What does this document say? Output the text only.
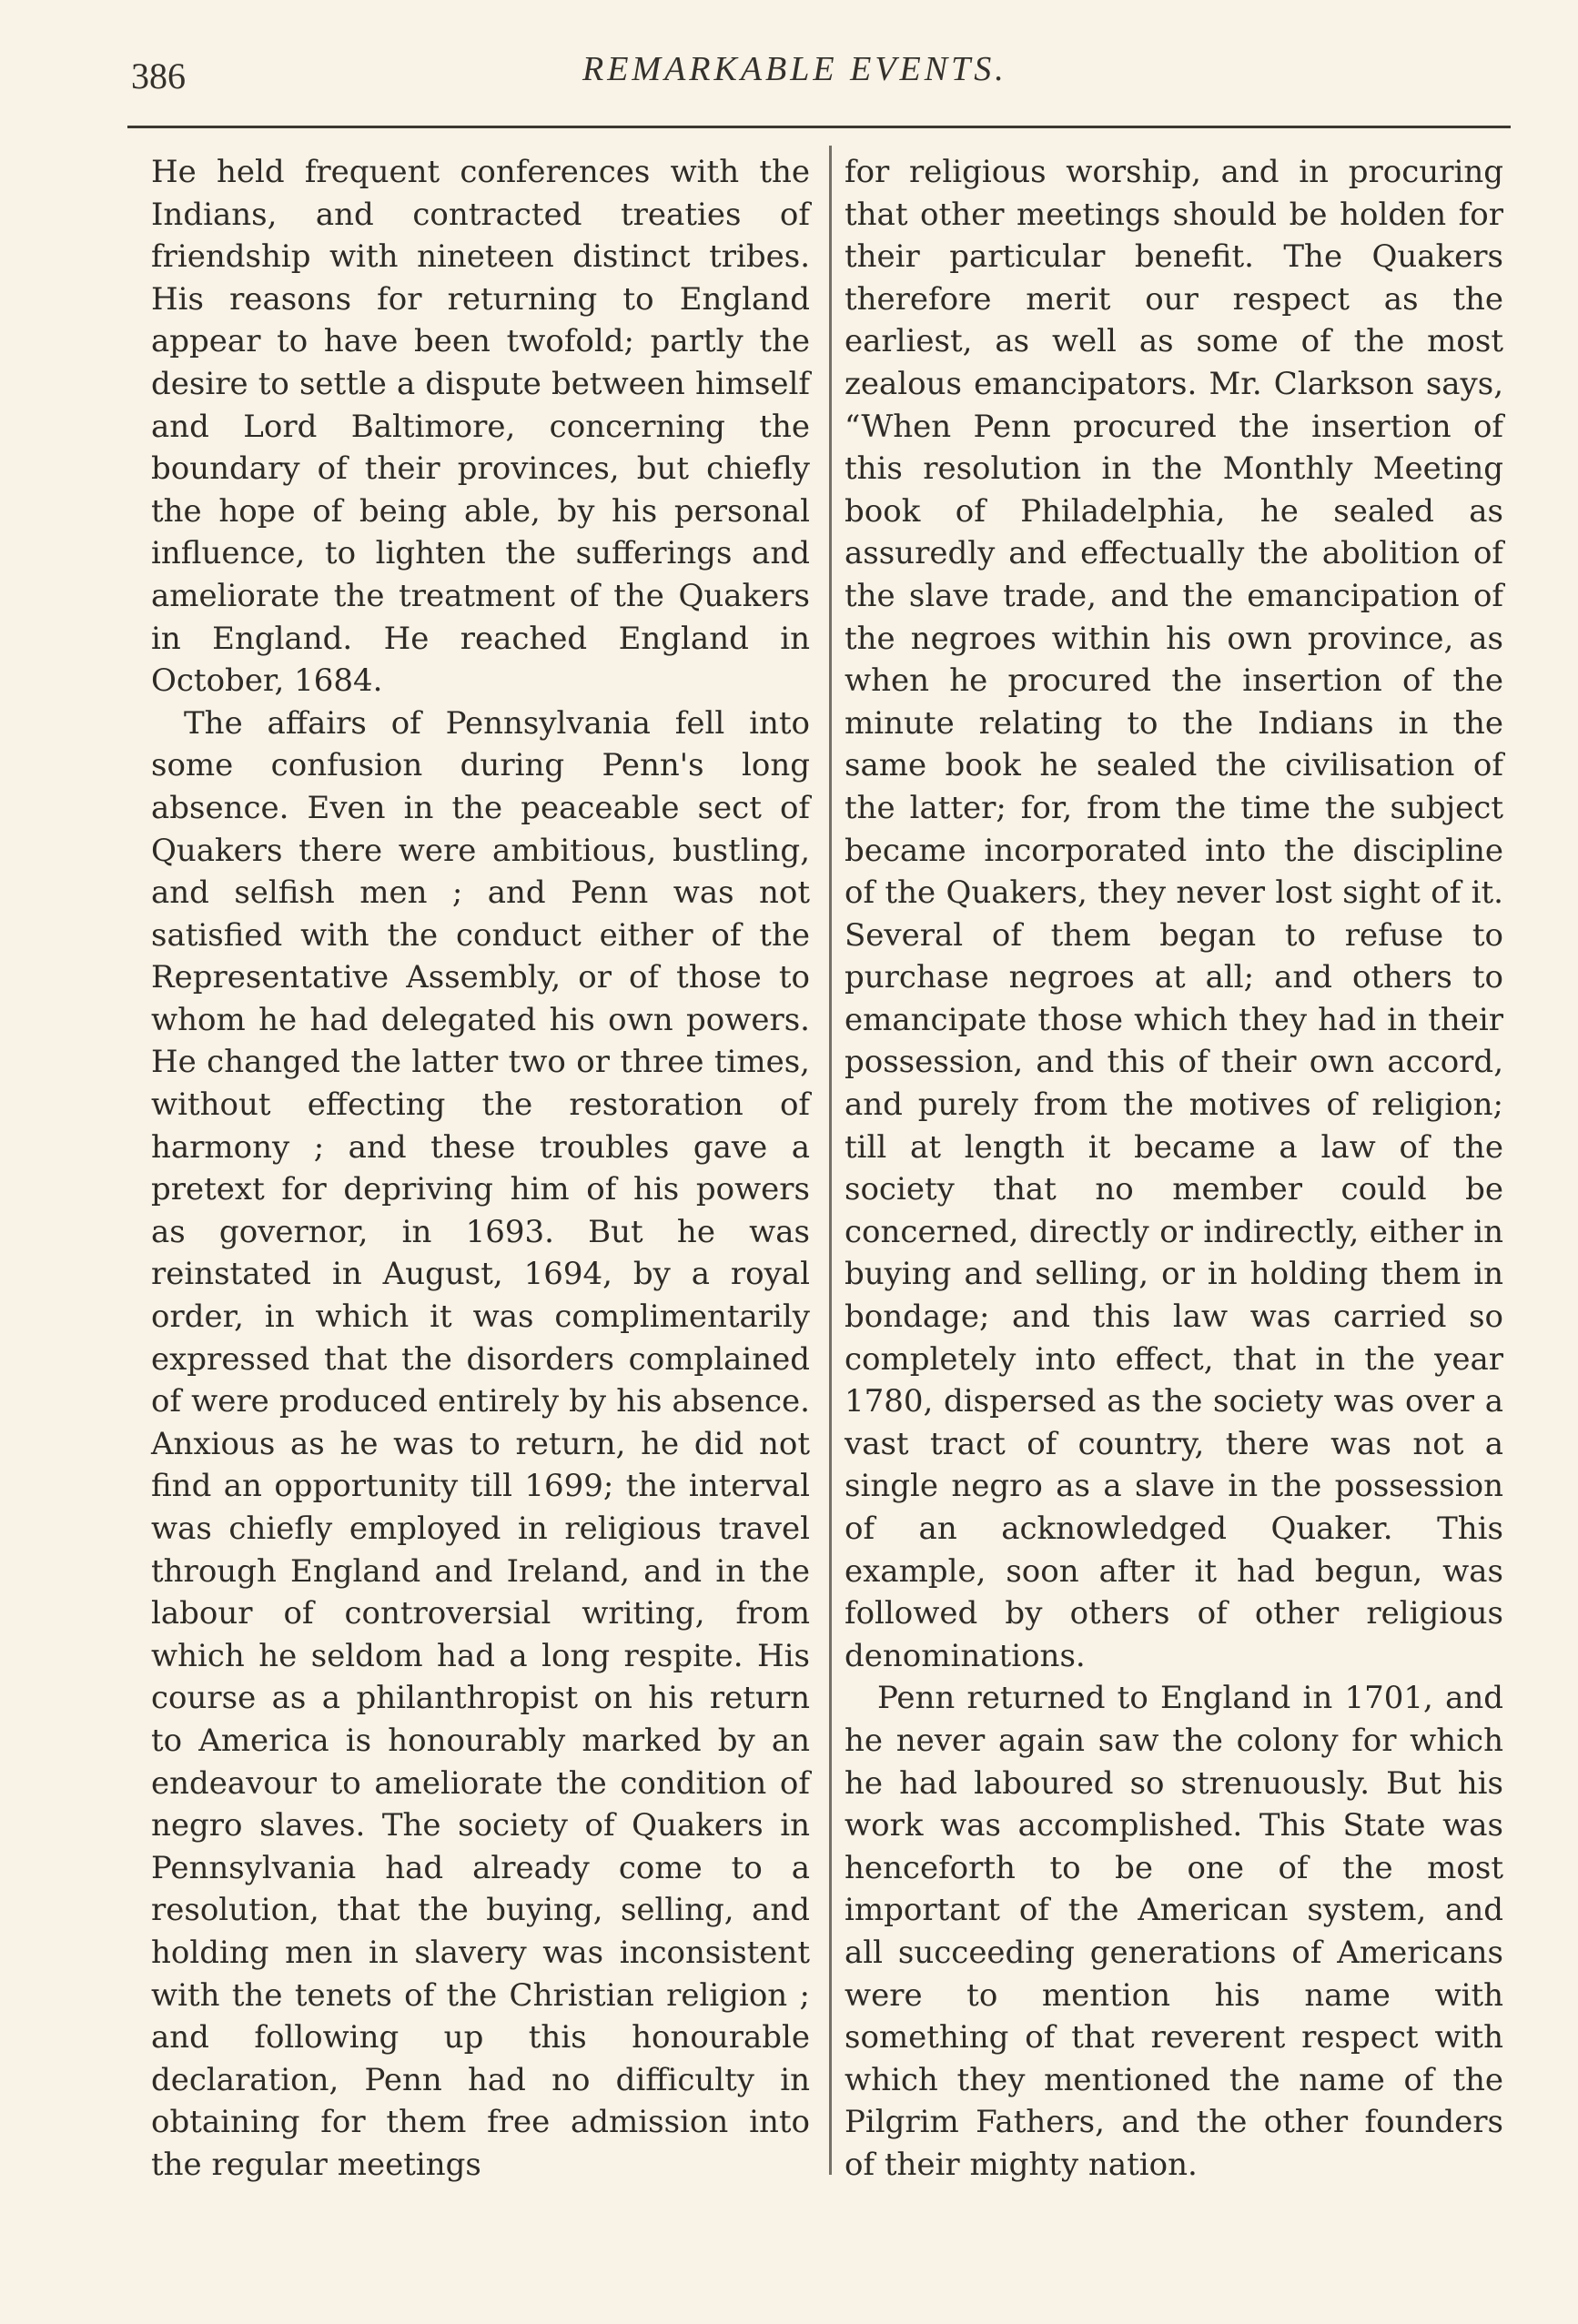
386	REMARKABLE EVENTS.

He held frequent conferences with the Indians, and contracted treaties of friendship with nineteen distinct tribes. His reasons for returning to England appear to have been twofold; partly the desire to settle a dispute between himself and Lord Baltimore, concerning the boundary of their provinces, but chiefly the hope of being able, by his personal influence, to lighten the sufferings and ameliorate the treatment of the Quakers in England. He reached England in October, 1684.

The affairs of Pennsylvania fell into some confusion during Penn's long absence. Even in the peaceable sect of Quakers there were ambitious, bustling, and selfish men ; and Penn was not satisfied with the conduct either of the Representative Assembly, or of those to whom he had delegated his own powers. He changed the latter two or three times, without effecting the restoration of harmony ; and these troubles gave a pretext for depriving him of his powers as governor, in 1693. But he was reinstated in August, 1694, by a royal order, in which it was complimentarily expressed that the disorders complained of were produced entirely by his absence. Anxious as he was to return, he did not find an opportunity till 1699; the interval was chiefly employed in religious travel through England and Ireland, and in the labour of controversial writing, from which he seldom had a long respite. His course as a philanthropist on his return to America is honourably marked by an endeavour to ameliorate the condition of negro slaves. The society of Quakers in Pennsylvania had already come to a resolution, that the buying, selling, and holding men in slavery was inconsistent with the tenets of the Christian religion ; and following up this honourable declaration, Penn had no difficulty in obtaining for them free admission into the regular meetings

for religious worship, and in procuring that other meetings should be holden for their particular benefit. The Quakers therefore merit our respect as the earliest, as well as some of the most zealous emancipators. Mr. Clarkson says, “When Penn procured the insertion of this resolution in the Monthly Meeting book of Philadelphia, he sealed as assuredly and effectually the abolition of the slave trade, and the emancipation of the negroes within his own province, as when he procured the insertion of the minute relating to the Indians in the same book he sealed the civilisation of the latter; for, from the time the subject became incorporated into the discipline of the Quakers, they never lost sight of it. Several of them began to refuse to purchase negroes at all; and others to emancipate those which they had in their possession, and this of their own accord, and purely from the motives of religion; till at length it became a law of the society that no member could be concerned, directly or indirectly, either in buying and selling, or in holding them in bondage; and this law was carried so completely into effect, that in the year 1780, dispersed as the society was over a vast tract of country, there was not a single negro as a slave in the possession of an acknowledged Quaker. This example, soon after it had begun, was followed by others of other religious denominations.

Penn returned to England in 1701, and he never again saw the colony for which he had laboured so strenuously. But his work was accomplished. This State was henceforth to be one of the most important of the American system, and all succeeding generations of Americans were to mention his name with something of that reverent respect with which they mentioned the name of the Pilgrim Fathers, and the other founders of their mighty nation.
